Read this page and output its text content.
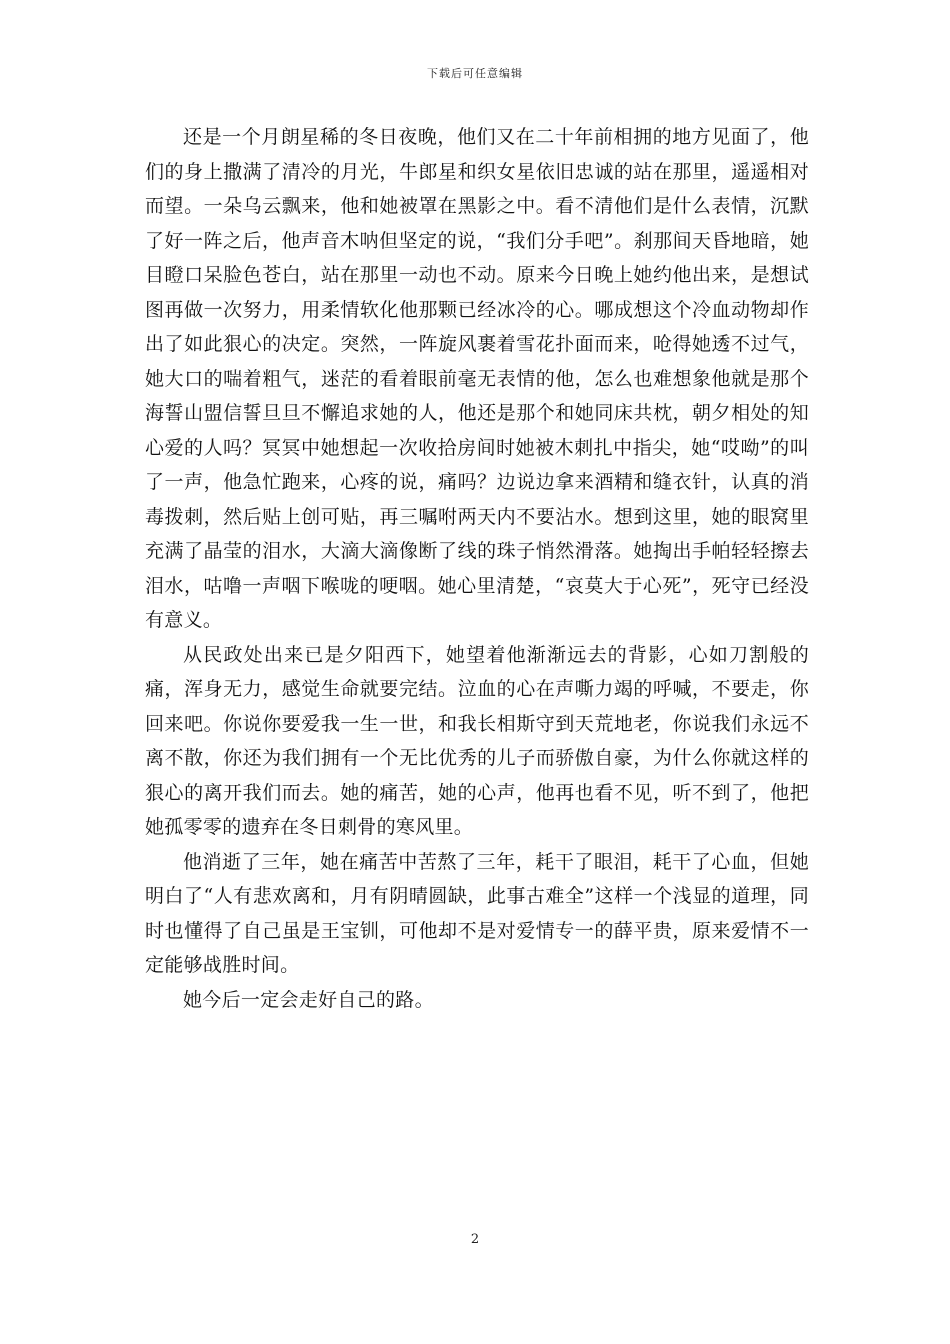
下载后可任意编辑

还是一个月朗星稀的冬日夜晚，他们又在二十年前相拥的地方见面了，他们的身上撒满了清冷的月光，牛郎星和织女星依旧忠诚的站在那里，遥遥相对而望。一朵乌云飘来，他和她被罩在黑影之中。看不清他们是什么表情，沉默了好一阵之后，他声音木呐但坚定的说，“我们分手吧”。刹那间天昏地暗，她目瞪口呆脸色苍白，站在那里一动也不动。原来今日晚上她约他出来，是想试图再做一次努力，用柔情软化他那颗已经冰冷的心。哪成想这个冷血动物却作出了如此狠心的决定。突然，一阵旋风裹着雪花扑面而来，呛得她透不过气，她大口的喘着粗气，迷茫的看着眼前毫无表情的他，怎么也难想象他就是那个海誓山盟信誓旦旦不懈追求她的人，他还是那个和她同床共枕，朝夕相处的知心爱的人吗？冥冥中她想起一次收拾房间时她被木刺扎中指尖，她“哎呦”的叫了一声，他急忙跑来，心疼的说，痛吗？边说边拿来酒精和缝衣针，认真的消毒拨刺，然后贴上创可贴，再三嘱咐两天内不要沾水。想到这里，她的眼窝里充满了晶莹的泪水，大滴大滴像断了线的珠子悄然滑落。她掏出手帕轻轻擦去泪水，咕噜一声咽下喉咙的哽咽。她心里清楚，“哀莫大于心死”，死守已经没有意义。

从民政处出来已是夕阳西下，她望着他渐渐远去的背影，心如刀割般的痛，浑身无力，感觉生命就要完结。泣血的心在声嘶力竭的呼喊，不要走，你回来吧。你说你要爱我一生一世，和我长相斯守到天荒地老，你说我们永远不离不散，你还为我们拥有一个无比优秀的儿子而骄傲自豪，为什么你就这样的狠心的离开我们而去。她的痛苦，她的心声，他再也看不见，听不到了，他把她孤零零的遗弃在冬日刺骨的寒风里。

他消逝了三年，她在痛苦中苦熬了三年，耗干了眼泪，耗干了心血，但她明白了“人有悲欢离和，月有阴晴圆缺，此事古难全”这样一个浅显的道理，同时也懂得了自己虽是王宝钏，可他却不是对爱情专一的薛平贵，原来爱情不一定能够战胜时间。

她今后一定会走好自己的路。

2
